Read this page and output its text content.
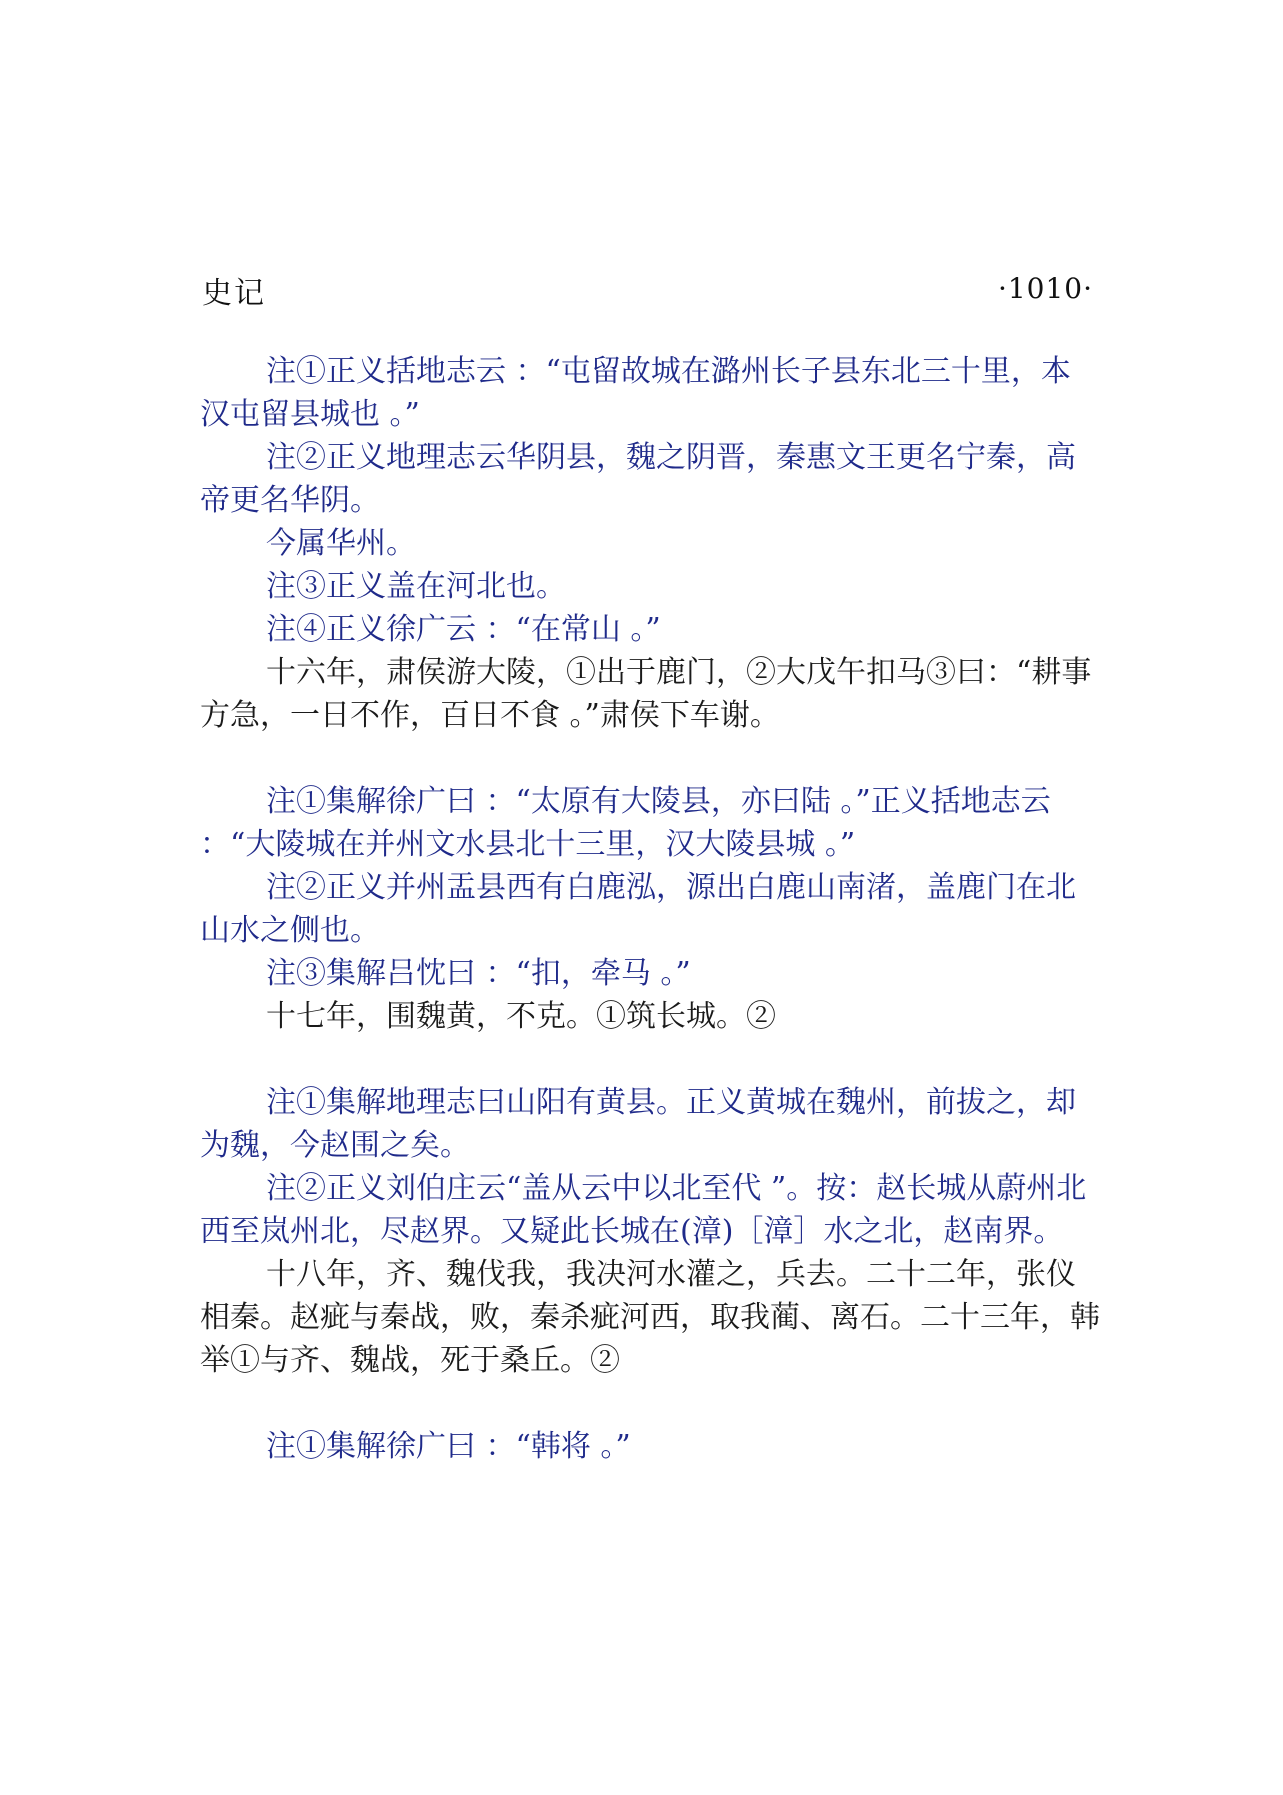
史记	·1010·

注①正义括地志云 ：“屯留故城在潞州长子县东北三十里，本汉屯留县城也 。”

注②正义地理志云华阴县，魏之阴晋，秦惠文王更名宁秦，高帝更名华阴。

今属华州。

注③正义盖在河北也。

注④正义徐广云 ：“在常山 。”

十六年，肃侯游大陵，①出于鹿门，②大戊午扣马③曰：“耕事方急，一日不作，百日不食 。”肃侯下车谢。

注①集解徐广曰 ：“太原有大陵县，亦曰陆 。”正义括地志云 ：“大陵城在并州文水县北十三里，汉大陵县城 。”

注②正义并州盂县西有白鹿泓，源出白鹿山南渚，盖鹿门在北山水之侧也。

注③集解吕忱曰 ：“扣，牵马 。”

十七年，围魏黄，不克。①筑长城。②

注①集解地理志曰山阳有黄县。正义黄城在魏州，前拔之，却为魏，今赵围之矣。

注②正义刘伯庄云“盖从云中以北至代 ”。按：赵长城从蔚州北西至岚州北，尽赵界。又疑此长城在(漳)［漳］水之北，赵南界。

十八年，齐、魏伐我，我决河水灌之，兵去。二十二年，张仪相秦。赵疵与秦战，败，秦杀疵河西，取我蔺、离石。二十三年，韩举①与齐、魏战，死于桑丘。②

注①集解徐广曰 ：“韩将 。”
